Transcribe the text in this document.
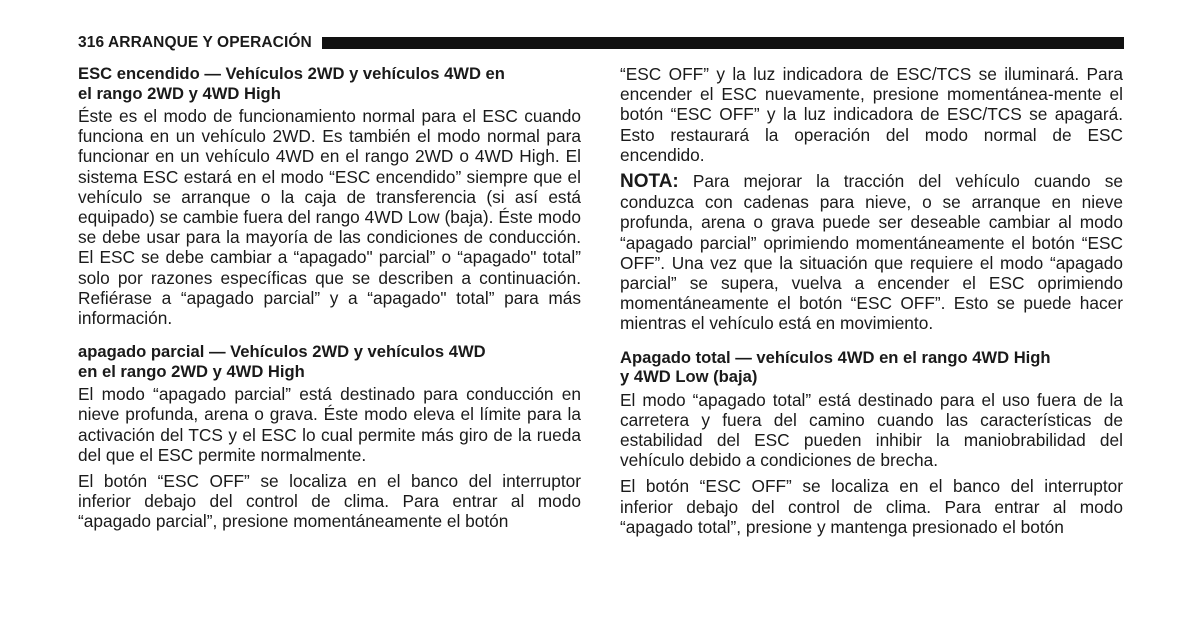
316 ARRANQUE Y OPERACIÓN
ESC encendido — Vehículos 2WD y vehículos 4WD en
el rango 2WD y 4WD High

Éste es el modo de funcionamiento normal para el ESC cuando funciona en un vehículo 2WD. Es también el modo normal para funcionar en un vehículo 4WD en el rango 2WD o 4WD High. El sistema ESC estará en el modo “ESC encendido” siempre que el vehículo se arranque o la caja de transferencia (si así está equipado) se cambie fuera del rango 4WD Low (baja). Éste modo se debe usar para la mayoría de las condiciones de conducción. El ESC se debe cambiar a “apagado" parcial” o “apagado" total” solo por razones específicas que se describen a continuación. Refiérase a “apagado parcial” y a “apagado" total” para más información.

apagado parcial — Vehículos 2WD y vehículos 4WD
en el rango 2WD y 4WD High

El modo “apagado parcial” está destinado para conducción en nieve profunda, arena o grava. Éste modo eleva el límite para la activación del TCS y el ESC lo cual permite más giro de la rueda del que el ESC permite normalmente.

El botón “ESC OFF” se localiza en el banco del interruptor inferior debajo del control de clima. Para entrar al modo “apagado parcial”, presione momentáneamente el botón

“ESC OFF” y la luz indicadora de ESC/TCS se iluminará. Para encender el ESC nuevamente, presione momentánea-mente el botón “ESC OFF” y la luz indicadora de ESC/TCS se apagará. Esto restaurará la operación del modo normal de ESC encendido.

NOTA: Para mejorar la tracción del vehículo cuando se conduzca con cadenas para nieve, o se arranque en nieve profunda, arena o grava puede ser deseable cambiar al modo “apagado parcial” oprimiendo momentáneamente el botón “ESC OFF”. Una vez que la situación que requiere el modo “apagado parcial” se supera, vuelva a encender el ESC oprimiendo momentáneamente el botón “ESC OFF”. Esto se puede hacer mientras el vehículo está en movimiento.

Apagado total — vehículos 4WD en el rango 4WD High
y 4WD Low (baja)

El modo “apagado total” está destinado para el uso fuera de la carretera y fuera del camino cuando las características de estabilidad del ESC pueden inhibir la maniobrabilidad del vehículo debido a condiciones de brecha.

El botón “ESC OFF” se localiza en el banco del interruptor inferior debajo del control de clima. Para entrar al modo “apagado total”, presione y mantenga presionado el botón
